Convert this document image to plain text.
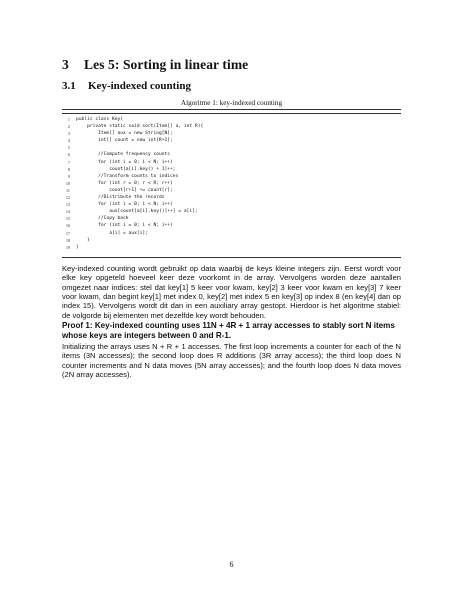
3 Les 5: Sorting in linear time
3.1 Key-indexed counting
Algoritme 1: key-indexed counting
1 public class Key{
2 private static void sort(Item[] a, int R){
3 Item[] aux = new String[N];
4 int[] count = new int[R+1];
5
6 //Compute frequency counts
7 for (int i = 0; i < N; i++)
8 count[a[i].key() + 1]++;
9 //Transform counts to indices
10 for (int r = 0; r < R; r++)
11 count[r+1] += count[r];
12 //Distribute the records
13 for (int i = 0; i < N; i++)
14 aux[count[a[i].key()]++] = a[i];
15 //Copy back
16 for (int i = 0; i < N; i++)
17 a[i] = aux[i];
18 }
19 }
Key-indexed counting wordt gebruikt op data waarbij de keys kleine integers zijn. Eerst wordt voor elke key opgeteld hoeveel keer deze voorkomt in de array. Vervolgens worden deze aantallen omgezet naar indices: stel dat key[1] 5 keer voor kwam, key[2] 3 keer voor kwam en key[3] 7 keer voor kwam, dan begint key[1] met index 0, key[2] met index 5 en key[3] op index 8 (en key[4] dan op index 15). Vervolgens wordt dit dan in een auxiliary array gestopt. Hierdoor is het algoritme stabiel: de volgorde bij elementen met dezelfde key wordt behouden.
Proof 1: Key-indexed counting uses 11N + 4R + 1 array accesses to stably sort N items whose keys are integers between 0 and R-1.
Initializing the arrays uses N + R + 1 accesses. The first loop increments a counter for each of the N items (3N accesses); the second loop does R additions (3R array access); the third loop does N counter increments and N data moves (5N array accesses); and the fourth loop does N data moves (2N array accesses).
6
